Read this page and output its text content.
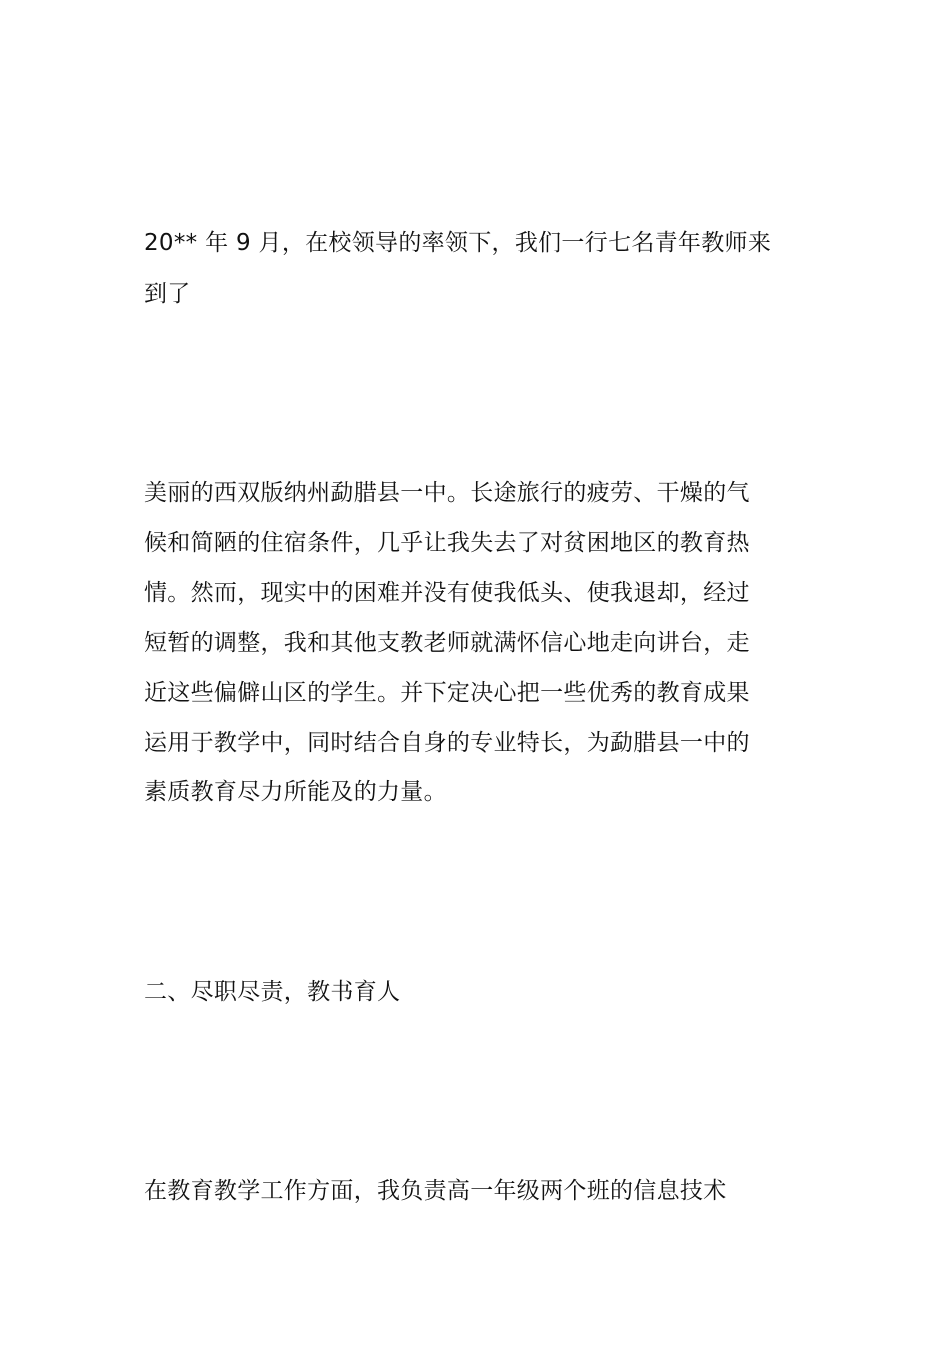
20** 年 9 月，在校领导的率领下，我们一行七名青年教师来
到了
美丽的西双版纳州勐腊县一中。长途旅行的疲劳、干燥的气
候和简陋的住宿条件，几乎让我失去了对贫困地区的教育热
情。然而，现实中的困难并没有使我低头、使我退却，经过
短暂的调整，我和其他支教老师就满怀信心地走向讲台，走
近这些偏僻山区的学生。并下定决心把一些优秀的教育成果
运用于教学中，同时结合自身的专业特长，为勐腊县一中的
素质教育尽力所能及的力量。
二、尽职尽责，教书育人
在教育教学工作方面，我负责高一年级两个班的信息技术
